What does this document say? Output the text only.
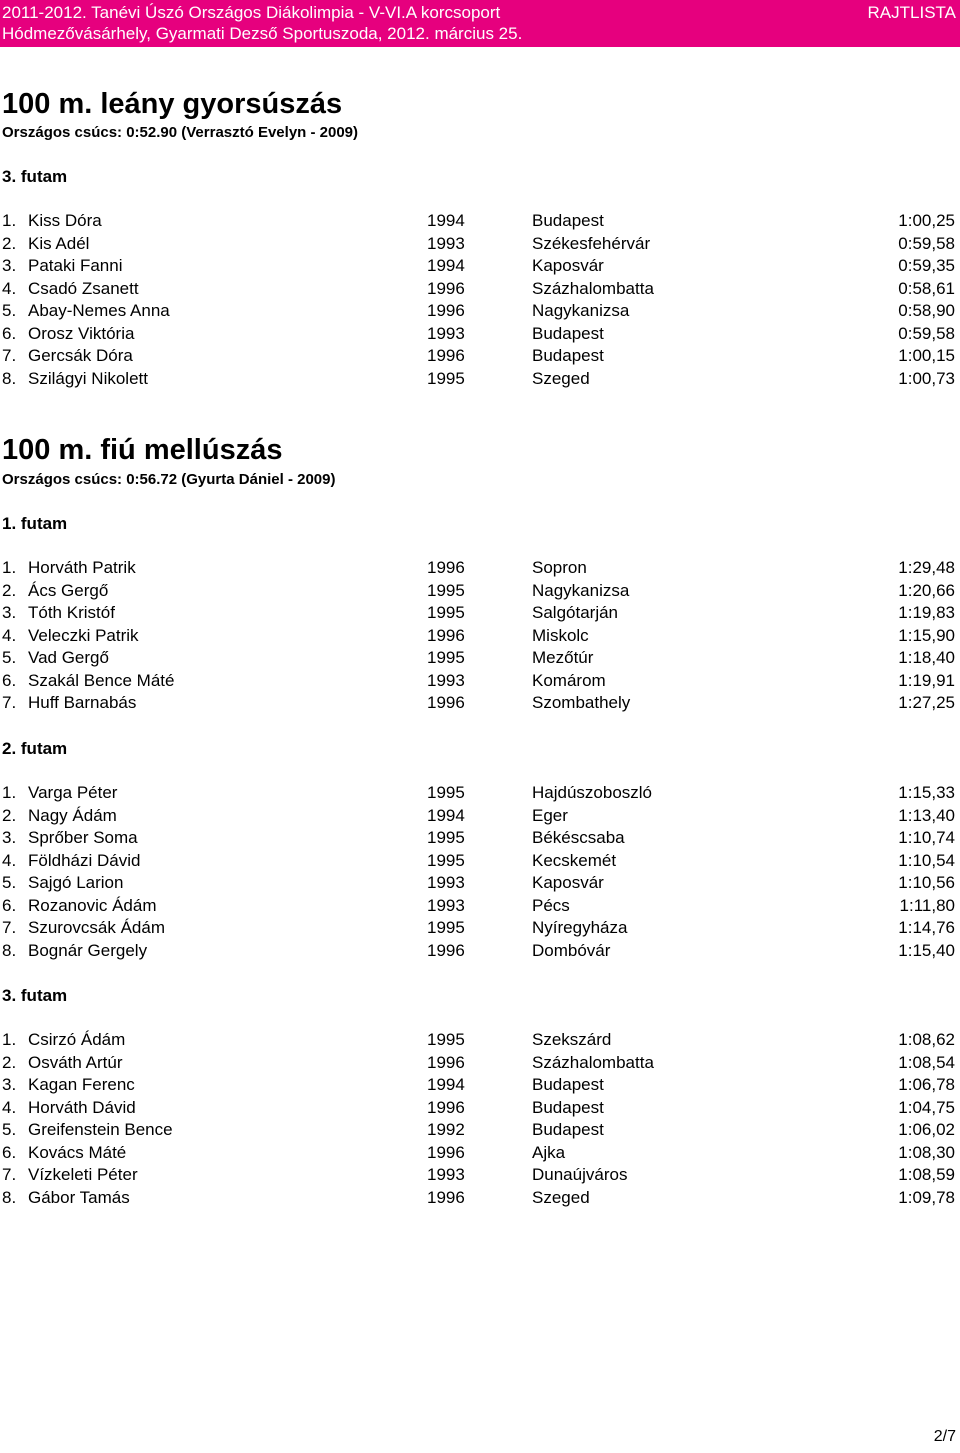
2011-2012. Tanévi Úszó Országos Diákolimpia - V-VI.A korcsoport
Hódmezővásárhely, Gyarmati Dezső Sportuszoda, 2012. március 25.
RAJTLISTA
100 m. leány gyorsúszás
Országos csúcs: 0:52.90 (Verrasztó Evelyn - 2009)
3. futam
1. Kiss Dóra	1994	Budapest	1:00,25
2. Kis Adél	1993	Székesfehérvár	0:59,58
3. Pataki Fanni	1994	Kaposvár	0:59,35
4. Csadó Zsanett	1996	Százhalombatta	0:58,61
5. Abay-Nemes Anna	1996	Nagykanizsa	0:58,90
6. Orosz Viktória	1993	Budapest	0:59,58
7. Gercsák Dóra	1996	Budapest	1:00,15
8. Szilágyi Nikolett	1995	Szeged	1:00,73
100 m. fiú mellúszás
Országos csúcs: 0:56.72 (Gyurta Dániel - 2009)
1. futam
1. Horváth Patrik	1996	Sopron	1:29,48
2. Ács Gergő	1995	Nagykanizsa	1:20,66
3. Tóth Kristóf	1995	Salgótarján	1:19,83
4. Veleczki Patrik	1996	Miskolc	1:15,90
5. Vad Gergő	1995	Mezőtúr	1:18,40
6. Szakál Bence Máté	1993	Komárom	1:19,91
7. Huff Barnabás	1996	Szombathely	1:27,25
2. futam
1. Varga Péter	1995	Hajdúszoboszló	1:15,33
2. Nagy Ádám	1994	Eger	1:13,40
3. Sprőber Soma	1995	Békéscsaba	1:10,74
4. Földházi Dávid	1995	Kecskemét	1:10,54
5. Sajgó Larion	1993	Kaposvár	1:10,56
6. Rozanovic Ádám	1993	Pécs	1:11,80
7. Szurovcsák Ádám	1995	Nyíregyháza	1:14,76
8. Bognár Gergely	1996	Dombóvár	1:15,40
3. futam
1. Csirzó Ádám	1995	Szekszárd	1:08,62
2. Osváth Artúr	1996	Százhalombatta	1:08,54
3. Kagan Ferenc	1994	Budapest	1:06,78
4. Horváth Dávid	1996	Budapest	1:04,75
5. Greifenstein Bence	1992	Budapest	1:06,02
6. Kovács Máté	1996	Ajka	1:08,30
7. Vízkeleti Péter	1993	Dunaújváros	1:08,59
8. Gábor Tamás	1996	Szeged	1:09,78
2/7
